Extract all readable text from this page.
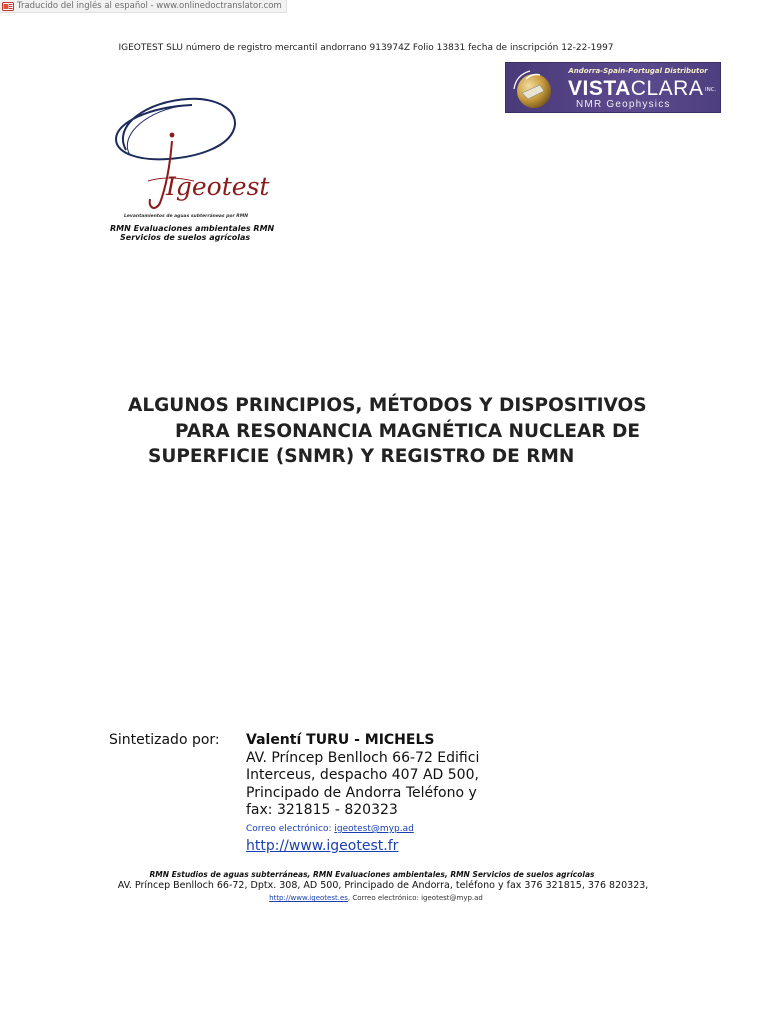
Traducido del inglés al español - www.onlinedoctranslator.com
IGEOTEST SLU número de registro mercantil andorrano 913974Z Folio 13831 fecha de inscripción 12-22-1997
Andorra-Spain-Portugal Distributor
VISTACLARA INC.
NMR Geophysics
Igeotest
Levantamientos de aguas subterráneas por RMN
RMN Evaluaciones ambientales RMN
Servicios de suelos agrícolas
ALGUNOS PRINCIPIOS, MÉTODOS Y DISPOSITIVOS
PARA RESONANCIA MAGNÉTICA NUCLEAR DE
SUPERFICIE (SNMR) Y REGISTRO DE RMN
Sintetizado por: Valentí TURU - MICHELS
AV. Príncep Benlloch 66-72 Edifici
Interceus, despacho 407 AD 500,
Principado de Andorra Teléfono y
fax: 321815 - 820323
Correo electrónico: igeotest@myp.ad
http://www.igeotest.fr
RMN Estudios de aguas subterráneas, RMN Evaluaciones ambientales, RMN Servicios de suelos agrícolas
AV. Príncep Benlloch 66-72, Dptx. 308, AD 500, Principado de Andorra, teléfono y fax 376 321815, 376 820323,
http://www.igeotest.es, Correo electrónico: igeotest@myp.ad
